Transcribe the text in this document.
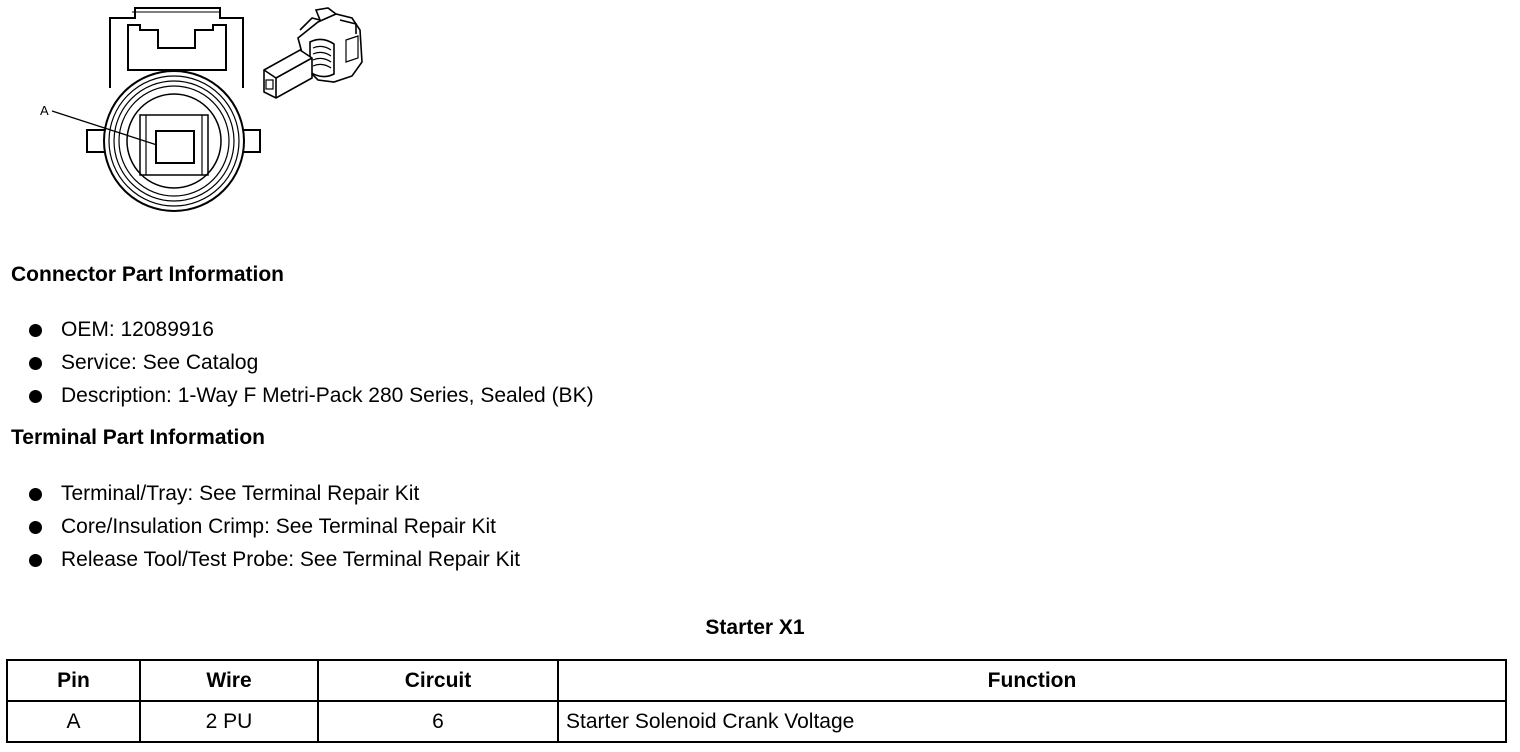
A
Connector Part Information
OEM: 12089916
Service: See Catalog
Description: 1-Way F Metri-Pack 280 Series, Sealed (BK)
Terminal Part Information
Terminal/Tray: See Terminal Repair Kit
Core/Insulation Crimp: See Terminal Repair Kit
Release Tool/Test Probe: See Terminal Repair Kit
Starter X1
Pin	Wire	Circuit	Function
A	2 PU	6	Starter Solenoid Crank Voltage
